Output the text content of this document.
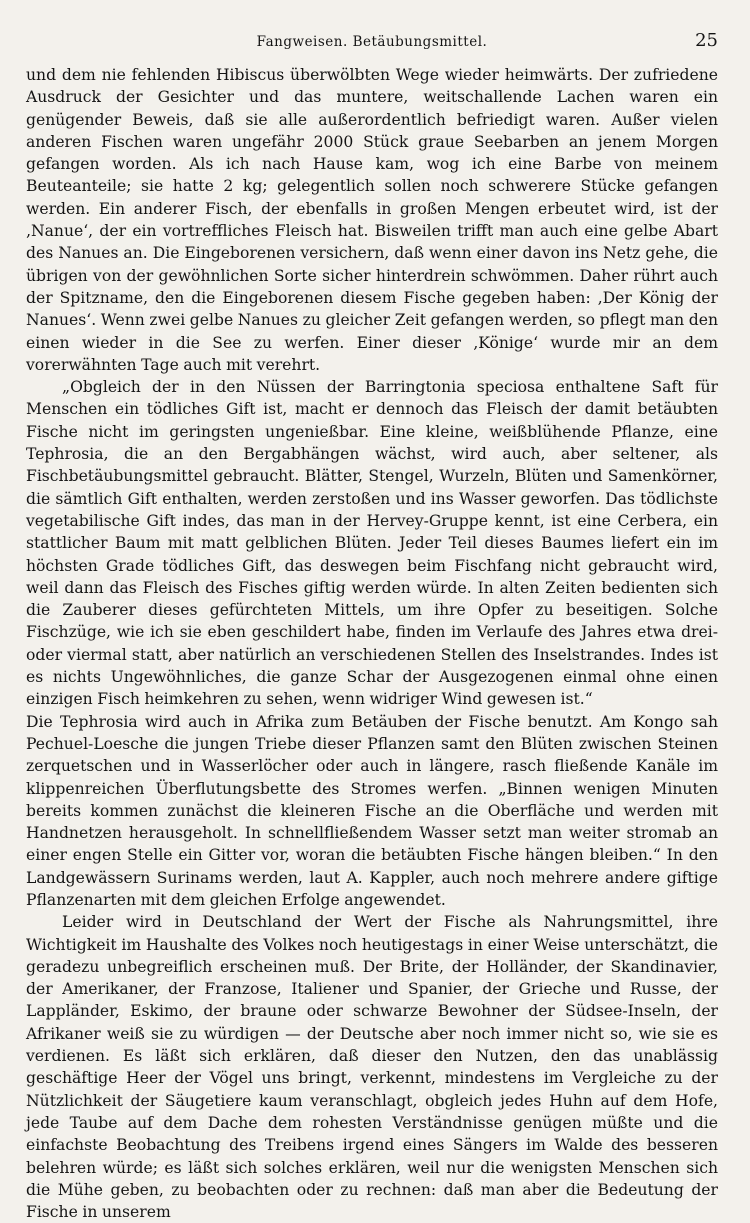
Fangweisen. Betäubungsmittel.	25

und dem nie fehlenden Hibiscus überwölbten Wege wieder heimwärts. Der zufriedene Ausdruck der Gesichter und das muntere, weitschallende Lachen waren ein genügender Beweis, daß sie alle außerordentlich befriedigt waren. Außer vielen anderen Fischen waren ungefähr 2000 Stück graue Seebarben an jenem Morgen gefangen worden. Als ich nach Hause kam, wog ich eine Barbe von meinem Beuteanteile; sie hatte 2 kg; gelegentlich sollen noch schwerere Stücke gefangen werden. Ein anderer Fisch, der ebenfalls in großen Mengen erbeutet wird, ist der ‚Nanue‘, der ein vortreffliches Fleisch hat. Bisweilen trifft man auch eine gelbe Abart des Nanues an. Die Eingeborenen versichern, daß wenn einer davon ins Netz gehe, die übrigen von der gewöhnlichen Sorte sicher hinterdrein schwömmen. Daher rührt auch der Spitzname, den die Eingeborenen diesem Fische gegeben haben: ‚Der König der Nanues‘. Wenn zwei gelbe Nanues zu gleicher Zeit gefangen werden, so pflegt man den einen wieder in die See zu werfen. Einer dieser ‚Könige‘ wurde mir an dem vorerwähnten Tage auch mit verehrt.

„Obgleich der in den Nüssen der Barringtonia speciosa enthaltene Saft für Menschen ein tödliches Gift ist, macht er dennoch das Fleisch der damit betäubten Fische nicht im geringsten ungenießbar. Eine kleine, weißblühende Pflanze, eine Tephrosia, die an den Bergabhängen wächst, wird auch, aber seltener, als Fischbetäubungsmittel gebraucht. Blätter, Stengel, Wurzeln, Blüten und Samenkörner, die sämtlich Gift enthalten, werden zerstoßen und ins Wasser geworfen. Das tödlichste vegetabilische Gift indes, das man in der Hervey-Gruppe kennt, ist eine Cerbera, ein stattlicher Baum mit matt gelblichen Blüten. Jeder Teil dieses Baumes liefert ein im höchsten Grade tödliches Gift, das deswegen beim Fischfang nicht gebraucht wird, weil dann das Fleisch des Fisches giftig werden würde. In alten Zeiten bedienten sich die Zauberer dieses gefürchteten Mittels, um ihre Opfer zu beseitigen. Solche Fischzüge, wie ich sie eben geschildert habe, finden im Verlaufe des Jahres etwa drei- oder viermal statt, aber natürlich an verschiedenen Stellen des Inselstrandes. Indes ist es nichts Ungewöhnliches, die ganze Schar der Ausgezogenen einmal ohne einen einzigen Fisch heimkehren zu sehen, wenn widriger Wind gewesen ist.“

Die Tephrosia wird auch in Afrika zum Betäuben der Fische benutzt. Am Kongo sah Pechuel-Loesche die jungen Triebe dieser Pflanzen samt den Blüten zwischen Steinen zerquetschen und in Wasserlöcher oder auch in längere, rasch fließende Kanäle im klippenreichen Überflutungsbette des Stromes werfen. „Binnen wenigen Minuten bereits kommen zunächst die kleineren Fische an die Oberfläche und werden mit Handnetzen herausgeholt. In schnellfließendem Wasser setzt man weiter stromab an einer engen Stelle ein Gitter vor, woran die betäubten Fische hängen bleiben.“ In den Landgewässern Surinams werden, laut A. Kappler, auch noch mehrere andere giftige Pflanzenarten mit dem gleichen Erfolge angewendet.

Leider wird in Deutschland der Wert der Fische als Nahrungsmittel, ihre Wichtigkeit im Haushalte des Volkes noch heutigestags in einer Weise unterschätzt, die geradezu unbegreiflich erscheinen muß. Der Brite, der Holländer, der Skandinavier, der Amerikaner, der Franzose, Italiener und Spanier, der Grieche und Russe, der Lappländer, Eskimo, der braune oder schwarze Bewohner der Südsee-Inseln, der Afrikaner weiß sie zu würdigen — der Deutsche aber noch immer nicht so, wie sie es verdienen. Es läßt sich erklären, daß dieser den Nutzen, den das unablässig geschäftige Heer der Vögel uns bringt, verkennt, mindestens im Vergleiche zu der Nützlichkeit der Säugetiere kaum veranschlagt, obgleich jedes Huhn auf dem Hofe, jede Taube auf dem Dache dem rohesten Verständnisse genügen müßte und die einfachste Beobachtung des Treibens irgend eines Sängers im Walde des besseren belehren würde; es läßt sich solches erklären, weil nur die wenigsten Menschen sich die Mühe geben, zu beobachten oder zu rechnen: daß man aber die Bedeutung der Fische in unserem
